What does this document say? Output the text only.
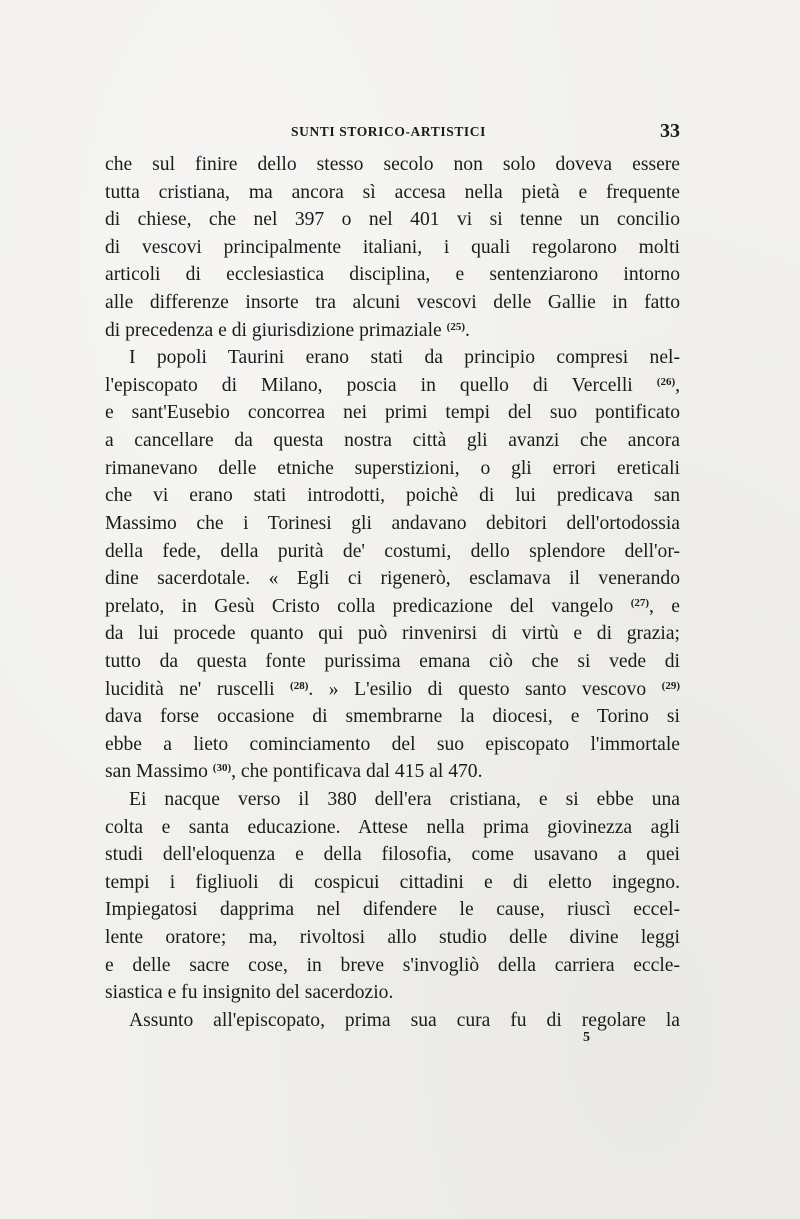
SUNTI STORICO-ARTISTICI	33
che sul finire dello stesso secolo non solo doveva essere
tutta cristiana, ma ancora sì accesa nella pietà e frequente
di chiese, che nel 397 o nel 401 vi si tenne un concilio
di vescovi principalmente italiani, i quali regolarono molti
articoli di ecclesiastica disciplina, e sentenziarono intorno
alle differenze insorte tra alcuni vescovi delle Gallie in fatto
di precedenza e di giurisdizione primaziale $^{(25)}$.
I popoli Taurini erano stati da principio compresi nel-
l'episcopato di Milano, poscia in quello di Vercelli $^{(26)}$,
e sant'Eusebio concorrea nei primi tempi del suo pontificato
a cancellare da questa nostra città gli avanzi che ancora
rimanevano delle etniche superstizioni, o gli errori ereticali
che vi erano stati introdotti, poichè di lui predicava san
Massimo che i Torinesi gli andavano debitori dell'ortodossia
della fede, della purità de' costumi, dello splendore dell'or-
dine sacerdotale. « Egli ci rigenerò, esclamava il venerando
prelato, in Gesù Cristo colla predicazione del vangelo $^{(27)}$, e
da lui procede quanto qui può rinvenirsi di virtù e di grazia;
tutto da questa fonte purissima emana ciò che si vede di
lucidità ne' ruscelli $^{(28)}$. » L'esilio di questo santo vescovo $^{(29)}$
dava forse occasione di smembrarne la diocesi, e Torino si
ebbe a lieto cominciamento del suo episcopato l'immortale
san Massimo $^{(30)}$, che pontificava dal 415 al 470.
Ei nacque verso il 380 dell'era cristiana, e si ebbe una
colta e santa educazione. Attese nella prima giovinezza agli
studi dell'eloquenza e della filosofia, come usavano a quei
tempi i figliuoli di cospicui cittadini e di eletto ingegno.
Impiegatosi dapprima nel difendere le cause, riuscì eccel-
lente oratore; ma, rivoltosi allo studio delle divine leggi
e delle sacre cose, in breve s'invogliò della carriera eccle-
siastica e fu insignito del sacerdozio.
Assunto all'episcopato, prima sua cura fu di regolare la
5
